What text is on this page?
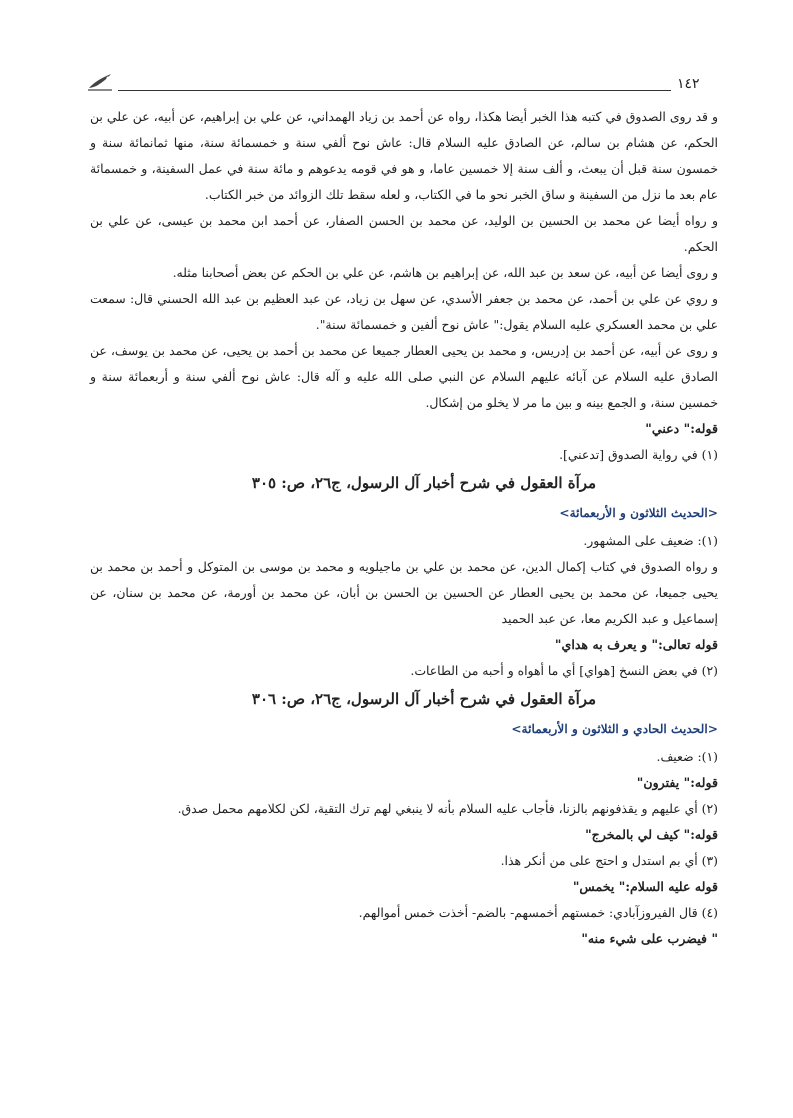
١٤٢

و قد روى الصدوق في كتبه هذا الخبر أيضا هكذا، رواه عن أحمد بن زياد الهمداني، عن علي بن إبراهيم، عن أبيه، عن علي بن الحكم، عن هشام بن سالم، عن الصادق عليه السلام قال: عاش نوح ألفي سنة و خمسمائة سنة، منها ثمانمائة سنة و خمسون سنة قبل أن يبعث، و ألف سنة إلا خمسين عاما، و هو في قومه يدعوهم و مائة سنة في عمل السفينة، و خمسمائة عام بعد ما نزل من السفينة و ساق الخبر نحو ما في الكتاب، و لعله سقط تلك الزوائد من خبر الكتاب.

و رواه أيضا عن محمد بن الحسين بن الوليد، عن محمد بن الحسن الصفار، عن أحمد ابن محمد بن عيسى، عن علي بن الحكم.

و روى أيضا عن أبيه، عن سعد بن عبد الله، عن إبراهيم بن هاشم، عن علي بن الحكم عن بعض أصحابنا مثله.

و روي عن علي بن أحمد، عن محمد بن جعفر الأسدي، عن سهل بن زياد، عن عبد العظيم بن عبد الله الحسني قال: سمعت علي بن محمد العسكري عليه السلام يقول:" عاش نوح ألفين و خمسمائة سنة".

و روى عن أبيه، عن أحمد بن إدريس، و محمد بن يحيى العطار جميعا عن محمد بن أحمد بن يحيى، عن محمد بن يوسف، عن الصادق عليه السلام عن آبائه عليهم السلام عن النبي صلى الله عليه و آله قال: عاش نوح ألفي سنة و أربعمائة سنة و خمسين سنة، و الجمع بينه و بين ما مر لا يخلو من إشكال.

قوله:" دعني"

(١) في رواية الصدوق [تدعني].

مرآة العقول في شرح أخبار آل الرسول، ج‏٢٦، ص: ٣٠٥

<الحديث الثلاثون و الأربعمائة>

(١): ضعيف على المشهور.

و رواه الصدوق في كتاب إكمال الدين، عن محمد بن علي بن ماجيلويه و محمد بن موسى بن المتوكل و أحمد بن محمد بن يحيى جميعا، عن محمد بن يحيى العطار عن الحسين بن الحسن بن أبان، عن محمد بن أورمة، عن محمد بن سنان، عن إسماعيل و عبد الكريم معا، عن عبد الحميد

قوله تعالى:" و يعرف به هداي"

(٢) في بعض النسخ [هواي] أي ما أهواه و أحبه من الطاعات.

مرآة العقول في شرح أخبار آل الرسول، ج‏٢٦، ص: ٣٠٦

<الحديث الحادي و الثلاثون و الأربعمائة>

(١): ضعيف.

قوله:" يفترون"

(٢) أي عليهم و يقذفونهم بالزنا، فأجاب عليه السلام بأنه لا ينبغي لهم ترك التقية، لكن لكلامهم محمل صدق.

قوله:" كيف لي بالمخرج"

(٣) أي بم استدل و احتج على من أنكر هذا.

قوله عليه السلام:" يخمس"

(٤) قال الفيروزآبادي: خمستهم أخمسهم- بالضم- أخذت خمس أموالهم.

" فيضرب على شي‏ء منه"
